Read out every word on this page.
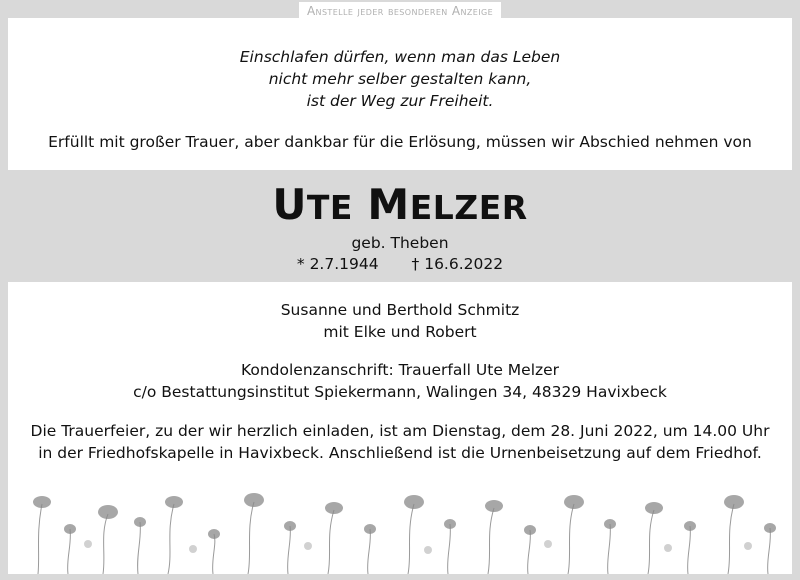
Anstelle jeder besonderen Anzeige
Einschlafen dürfen, wenn man das Leben
nicht mehr selber gestalten kann,
ist der Weg zur Freiheit.
Erfüllt mit großer Trauer, aber dankbar für die Erlösung, müssen wir Abschied nehmen von
UTE MELZER
geb. Theben
* 2.7.1944 † 16.6.2022
Susanne und Berthold Schmitz
mit Elke und Robert
Kondolenzanschrift: Trauerfall Ute Melzer
c/o Bestattungsinstitut Spiekermann, Walingen 34, 48329 Havixbeck
Die Trauerfeier, zu der wir herzlich einladen, ist am Dienstag, dem 28. Juni 2022, um 14.00 Uhr
in der Friedhofskapelle in Havixbeck. Anschließend ist die Urnenbeisetzung auf dem Friedhof.
